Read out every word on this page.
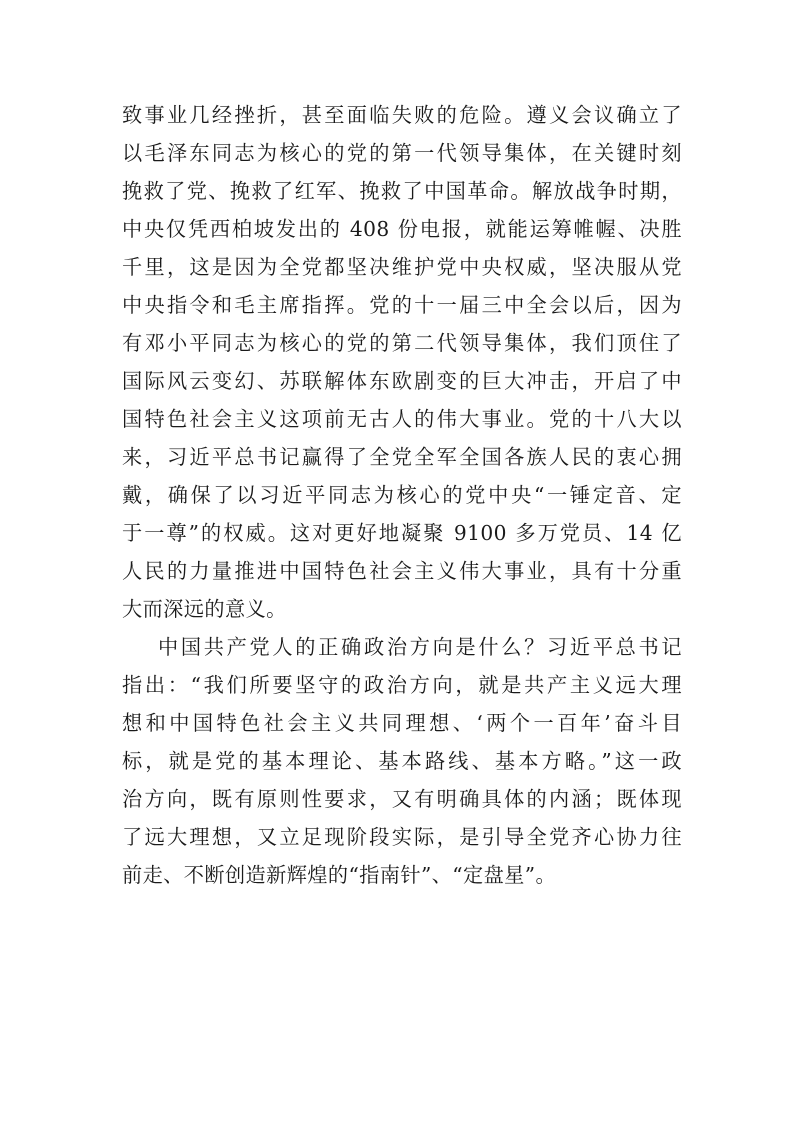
致事业几经挫折，甚至面临失败的危险。遵义会议确立了
以毛泽东同志为核心的党的第一代领导集体，在关键时刻
挽救了党、挽救了红军、挽救了中国革命。解放战争时期，
中央仅凭西柏坡发出的 408 份电报，就能运筹帷幄、决胜
千里，这是因为全党都坚决维护党中央权威，坚决服从党
中央指令和毛主席指挥。党的十一届三中全会以后，因为
有邓小平同志为核心的党的第二代领导集体，我们顶住了
国际风云变幻、苏联解体东欧剧变的巨大冲击，开启了中
国特色社会主义这项前无古人的伟大事业。党的十八大以
来，习近平总书记赢得了全党全军全国各族人民的衷心拥
戴，确保了以习近平同志为核心的党中央“一锤定音、定
于一尊”的权威。这对更好地凝聚 9100 多万党员、14 亿
人民的力量推进中国特色社会主义伟大事业，具有十分重
大而深远的意义。
中国共产党人的正确政治方向是什么？习近平总书记
指出：“我们所要坚守的政治方向，就是共产主义远大理
想和中国特色社会主义共同理想、‘两个一百年’奋斗目
标，就是党的基本理论、基本路线、基本方略。”这一政
治方向，既有原则性要求，又有明确具体的内涵；既体现
了远大理想，又立足现阶段实际，是引导全党齐心协力往
前走、不断创造新辉煌的“指南针”、“定盘星”。
